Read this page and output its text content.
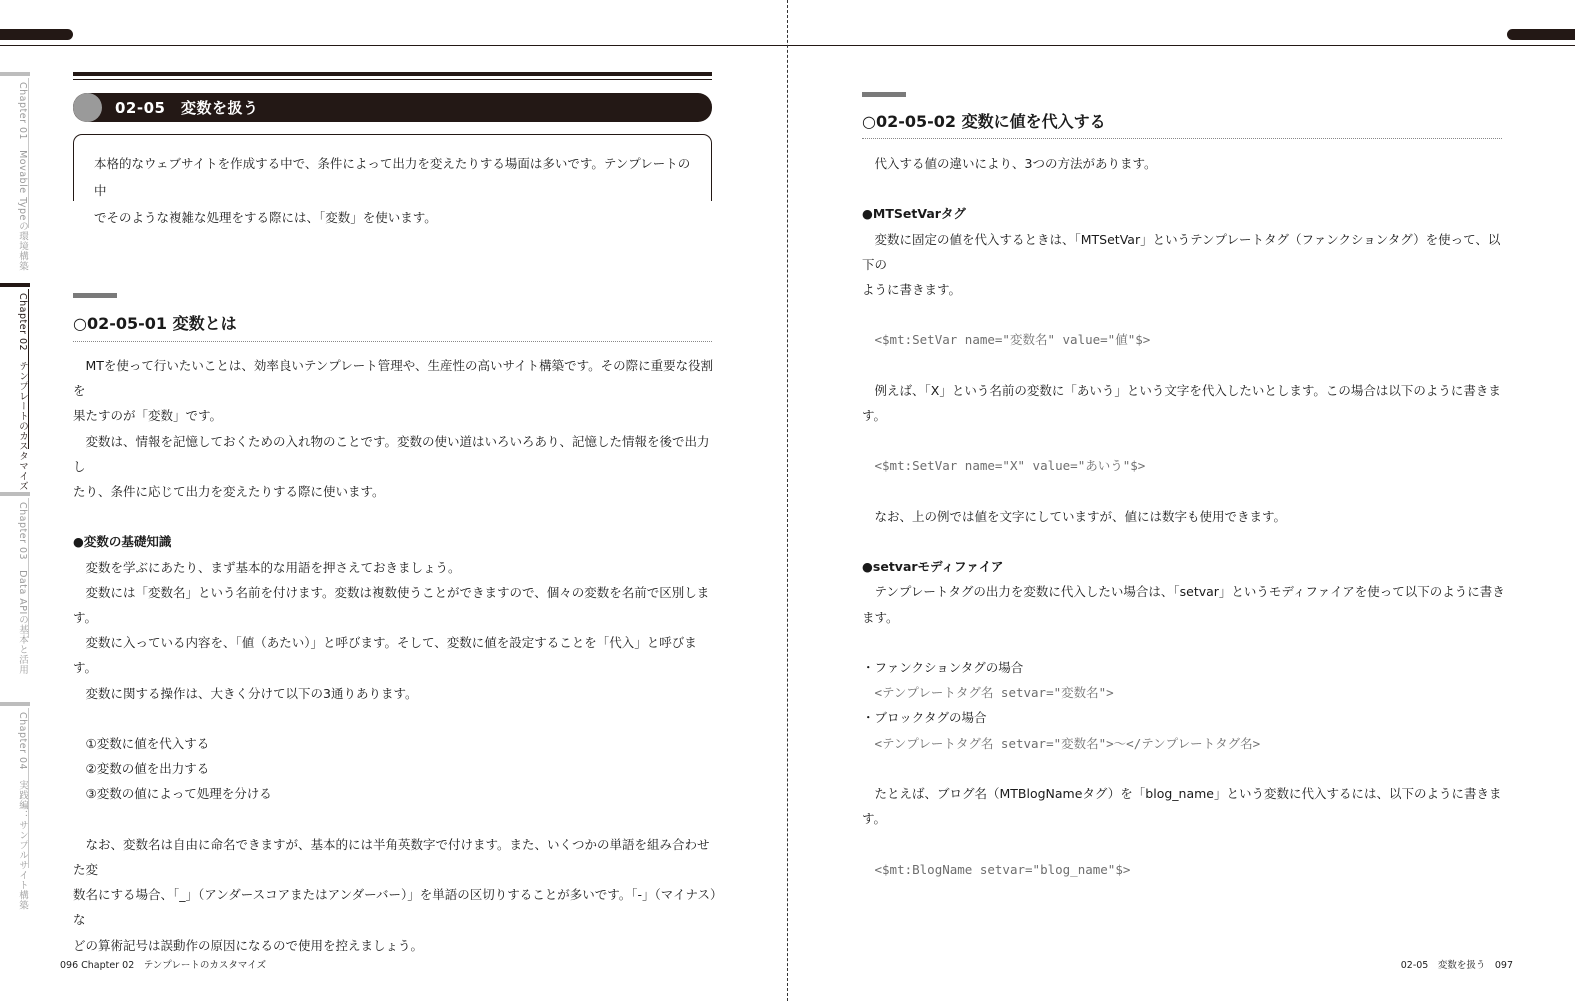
Chapter 01　Movable Typeの環境構築
Chapter 02　テンプレートのカスタマイズ
Chapter 03　Data APIの基本と活用
Chapter 04　実践編：サンプルサイト構築
02-05　変数を扱う

本格的なウェブサイトを作成する中で、条件によって出力を変えたりする場面は多いです。テンプレートの中
でそのような複雑な処理をする際には、「変数」を使います。

○02-05-01 変数とは

MTを使って行いたいことは、効率良いテンプレート管理や、生産性の高いサイト構築です。その際に重要な役割を

果たすのが「変数」です。

変数は、情報を記憶しておくための入れ物のことです。変数の使い道はいろいろあり、記憶した情報を後で出力し

たり、条件に応じて出力を変えたりする際に使います。

●変数の基礎知識

変数を学ぶにあたり、まず基本的な用語を押さえておきましょう。

変数には「変数名」という名前を付けます。変数は複数使うことができますので、個々の変数を名前で区別します。

変数に入っている内容を、「値（あたい）」と呼びます。そして、変数に値を設定することを「代入」と呼びます。

変数に関する操作は、大きく分けて以下の3通りあります。

①変数に値を代入する

②変数の値を出力する

③変数の値によって処理を分ける

なお、変数名は自由に命名できますが、基本的には半角英数字で付けます。また、いくつかの単語を組み合わせた変

数名にする場合、「_」（アンダースコアまたはアンダーバー）」を単語の区切りすることが多いです。「-」（マイナス）な

どの算術記号は誤動作の原因になるので使用を控えましょう。

096 Chapter 02　テンプレートのカスタマイズ
○02-05-02 変数に値を代入する

代入する値の違いにより、3つの方法があります。

●MTSetVarタグ

変数に固定の値を代入するときは、「MTSetVar」というテンプレートタグ（ファンクションタグ）を使って、以下の

ように書きます。

<$mt:SetVar name="変数名" value="値"$>

例えば、「X」という名前の変数に「あいう」という文字を代入したいとします。この場合は以下のように書きます。

<$mt:SetVar name="X" value="あいう"$>

なお、上の例では値を文字にしていますが、値には数字も使用できます。

●setvarモディファイア

テンプレートタグの出力を変数に代入したい場合は、「setvar」というモディファイアを使って以下のように書き

ます。

・ファンクションタグの場合

<テンプレートタグ名 setvar="変数名">

・ブロックタグの場合

<テンプレートタグ名 setvar="変数名">～</テンプレートタグ名>

たとえば、ブログ名（MTBlogNameタグ）を「blog_name」という変数に代入するには、以下のように書きます。

<$mt:BlogName setvar="blog_name"$>

02-05　変数を扱う　097
